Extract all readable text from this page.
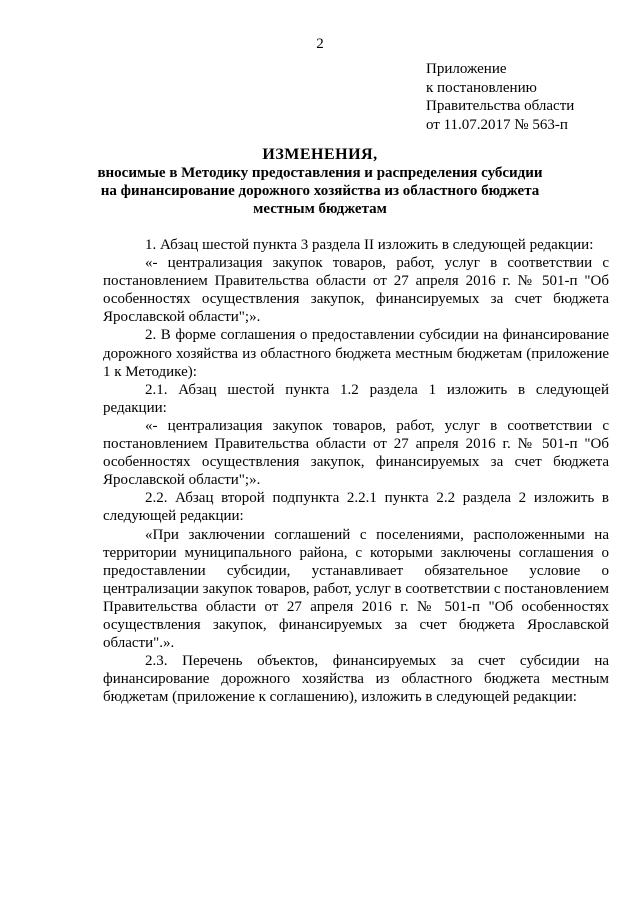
2
Приложение
к постановлению
Правительства области
от 11.07.2017 № 563-п
ИЗМЕНЕНИЯ,
вносимые в Методику предоставления и распределения субсидии
на финансирование дорожного хозяйства из областного бюджета
местным бюджетам

1. Абзац шестой пункта 3 раздела II изложить в следующей редакции:

«- централизация закупок товаров, работ, услуг в соответствии с постановлением Правительства области от 27 апреля 2016 г. № 501-п "Об особенностях осуществления закупок, финансируемых за счет бюджета Ярославской области";».

2. В форме соглашения о предоставлении субсидии на финансирование дорожного хозяйства из областного бюджета местным бюджетам (приложение 1 к Методике):

2.1. Абзац шестой пункта 1.2 раздела 1 изложить в следующей редакции:

«- централизация закупок товаров, работ, услуг в соответствии с постановлением Правительства области от 27 апреля 2016 г. № 501-п "Об особенностях осуществления закупок, финансируемых за счет бюджета Ярославской области";».

2.2. Абзац второй подпункта 2.2.1 пункта 2.2 раздела 2 изложить в следующей редакции:

«При заключении соглашений с поселениями, расположенными на территории муниципального района, с которыми заключены соглашения о предоставлении субсидии, устанавливает обязательное условие о централизации закупок товаров, работ, услуг в соответствии с постановлением Правительства области от 27 апреля 2016 г. № 501-п "Об особенностях осуществления закупок, финансируемых за счет бюджета Ярославской области".».

2.3. Перечень объектов, финансируемых за счет субсидии на финансирование дорожного хозяйства из областного бюджета местным бюджетам (приложение к соглашению), изложить в следующей редакции:
